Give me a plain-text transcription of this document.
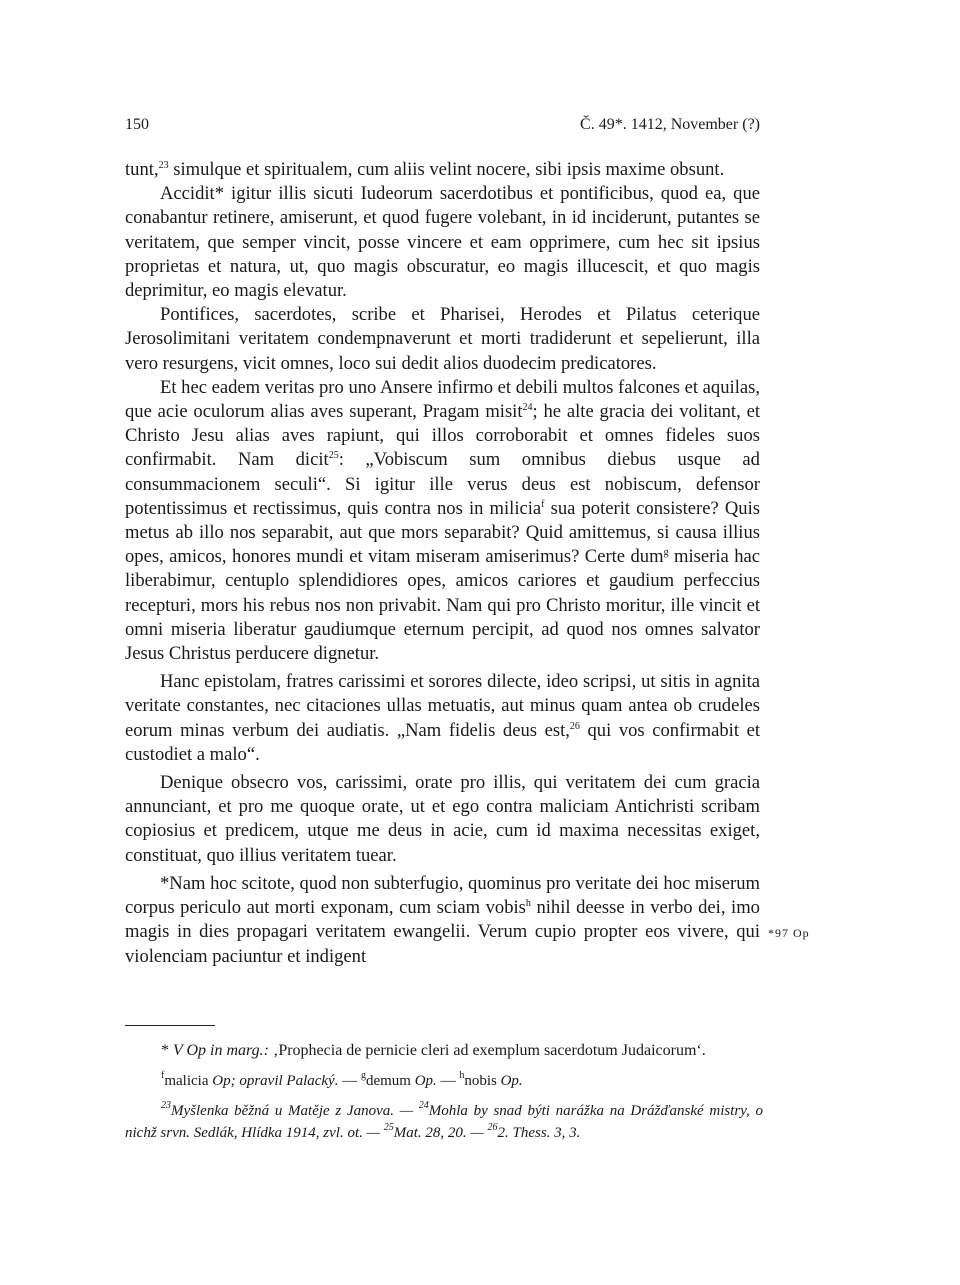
150	Č. 49*. 1412, November (?)

tunt,$^{23}$ simulque et spiritualem, cum aliis velint nocere, sibi ipsis maxime obsunt.

Accidit* igitur illis sicuti Iudeorum sacerdotibus et pontificibus, quod ea, que conabantur retinere, amiserunt, et quod fugere volebant, in id inciderunt, putantes se veritatem, que semper vincit, posse vincere et eam opprimere, cum hec sit ipsius proprietas et natura, ut, quo magis obscuratur, eo magis illucescit, et quo magis deprimitur, eo magis elevatur.

Pontifices, sacerdotes, scribe et Pharisei, Herodes et Pilatus ceterique Jerosolimitani veritatem condempnaverunt et morti tradiderunt et sepelierunt, illa vero resurgens, vicit omnes, loco sui dedit alios duodecim predicatores.

Et hec eadem veritas pro uno Ansere infirmo et debili multos falcones et aquilas, que acie oculorum alias aves superant, Pragam misit$^{24}$; he alte gracia dei volitant, et Christo Jesu alias aves rapiunt, qui illos corroborabit et omnes fideles suos confirmabit. Nam dicit$^{25}$: „Vobiscum sum omnibus diebus usque ad consummacionem seculi“. Si igitur ille verus deus est nobiscum, defensor potentissimus et rectissimus, quis contra nos in milicia$^f$ sua poterit consistere? Quis metus ab illo nos separabit, aut que mors separabit? Quid amittemus, si causa illius opes, amicos, honores mundi et vitam miseram amiserimus? Certe dum$^g$ miseria hac liberabimur, centuplo splendidiores opes, amicos cariores et gaudium perfeccius recepturi, mors his rebus nos non privabit. Nam qui pro Christo moritur, ille vincit et omni miseria liberatur gaudiumque eternum percipit, ad quod nos omnes salvator Jesus Christus perducere dignetur.

Hanc epistolam, fratres carissimi et sorores dilecte, ideo scripsi, ut sitis in agnita veritate constantes, nec citaciones ullas metuatis, aut minus quam antea ob crudeles eorum minas verbum dei audiatis. „Nam fidelis deus est,$^{26}$ qui vos confirmabit et custodiet a malo“.

Denique obsecro vos, carissimi, orate pro illis, qui veritatem dei cum gracia annunciant, et pro me quoque orate, ut et ego contra maliciam Antichristi scribam copiosius et predicem, utque me deus in acie, cum id maxima necessitas exiget, constituat, quo illius veritatem tuear.

*Nam hoc scitote, quod non subterfugio, quominus pro veritate dei hoc miserum corpus periculo aut morti exponam, cum sciam vobis$^h$ nihil deesse in verbo dei, imo magis in dies propagari veritatem ewangelii. Verum cupio propter eos vivere, qui violenciam paciuntur et indigent

*97 Op

* V Op in marg.: ‚Prophecia de pernicie cleri ad exemplum sacerdotum Judaicorum‘.

$^f$malicia Op; opravil Palacký. — $^g$demum Op. — $^h$nobis Op.

$^{23}$Myšlenka běžná u Matěje z Janova. — $^{24}$Mohla by snad býti narážka na Drážďanské mistry, o nichž srvn. Sedlák, Hlídka 1914, zvl. ot. — $^{25}$Mat. 28, 20. — $^{26}$2. Thess. 3, 3.
